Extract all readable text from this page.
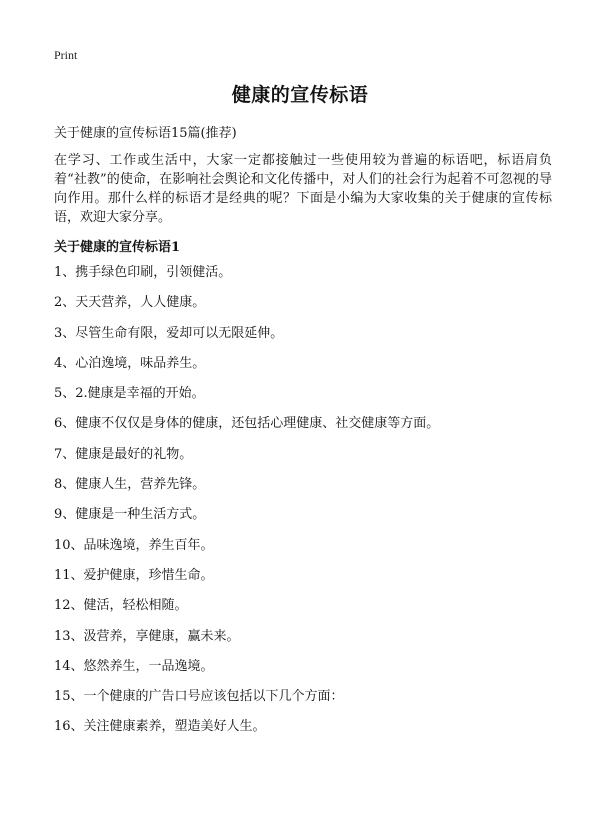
Print
健康的宣传标语
关于健康的宣传标语15篇(推荐)
在学习、工作或生活中，大家一定都接触过一些使用较为普遍的标语吧，标语肩负着“社教”的使命，在影响社会舆论和文化传播中，对人们的社会行为起着不可忽视的导向作用。那什么样的标语才是经典的呢？下面是小编为大家收集的关于健康的宣传标语，欢迎大家分享。
关于健康的宣传标语1
1、携手绿色印刷，引领健活。
2、天天营养，人人健康。
3、尽管生命有限，爱却可以无限延伸。
4、心泊逸境，味品养生。
5、2.健康是幸福的开始。
6、健康不仅仅是身体的健康，还包括心理健康、社交健康等方面。
7、健康是最好的礼物。
8、健康人生，营养先锋。
9、健康是一种生活方式。
10、品味逸境，养生百年。
11、爱护健康，珍惜生命。
12、健活，轻松相随。
13、汲营养，享健康，赢未来。
14、悠然养生，一品逸境。
15、一个健康的广告口号应该包括以下几个方面：
16、关注健康素养，塑造美好人生。
